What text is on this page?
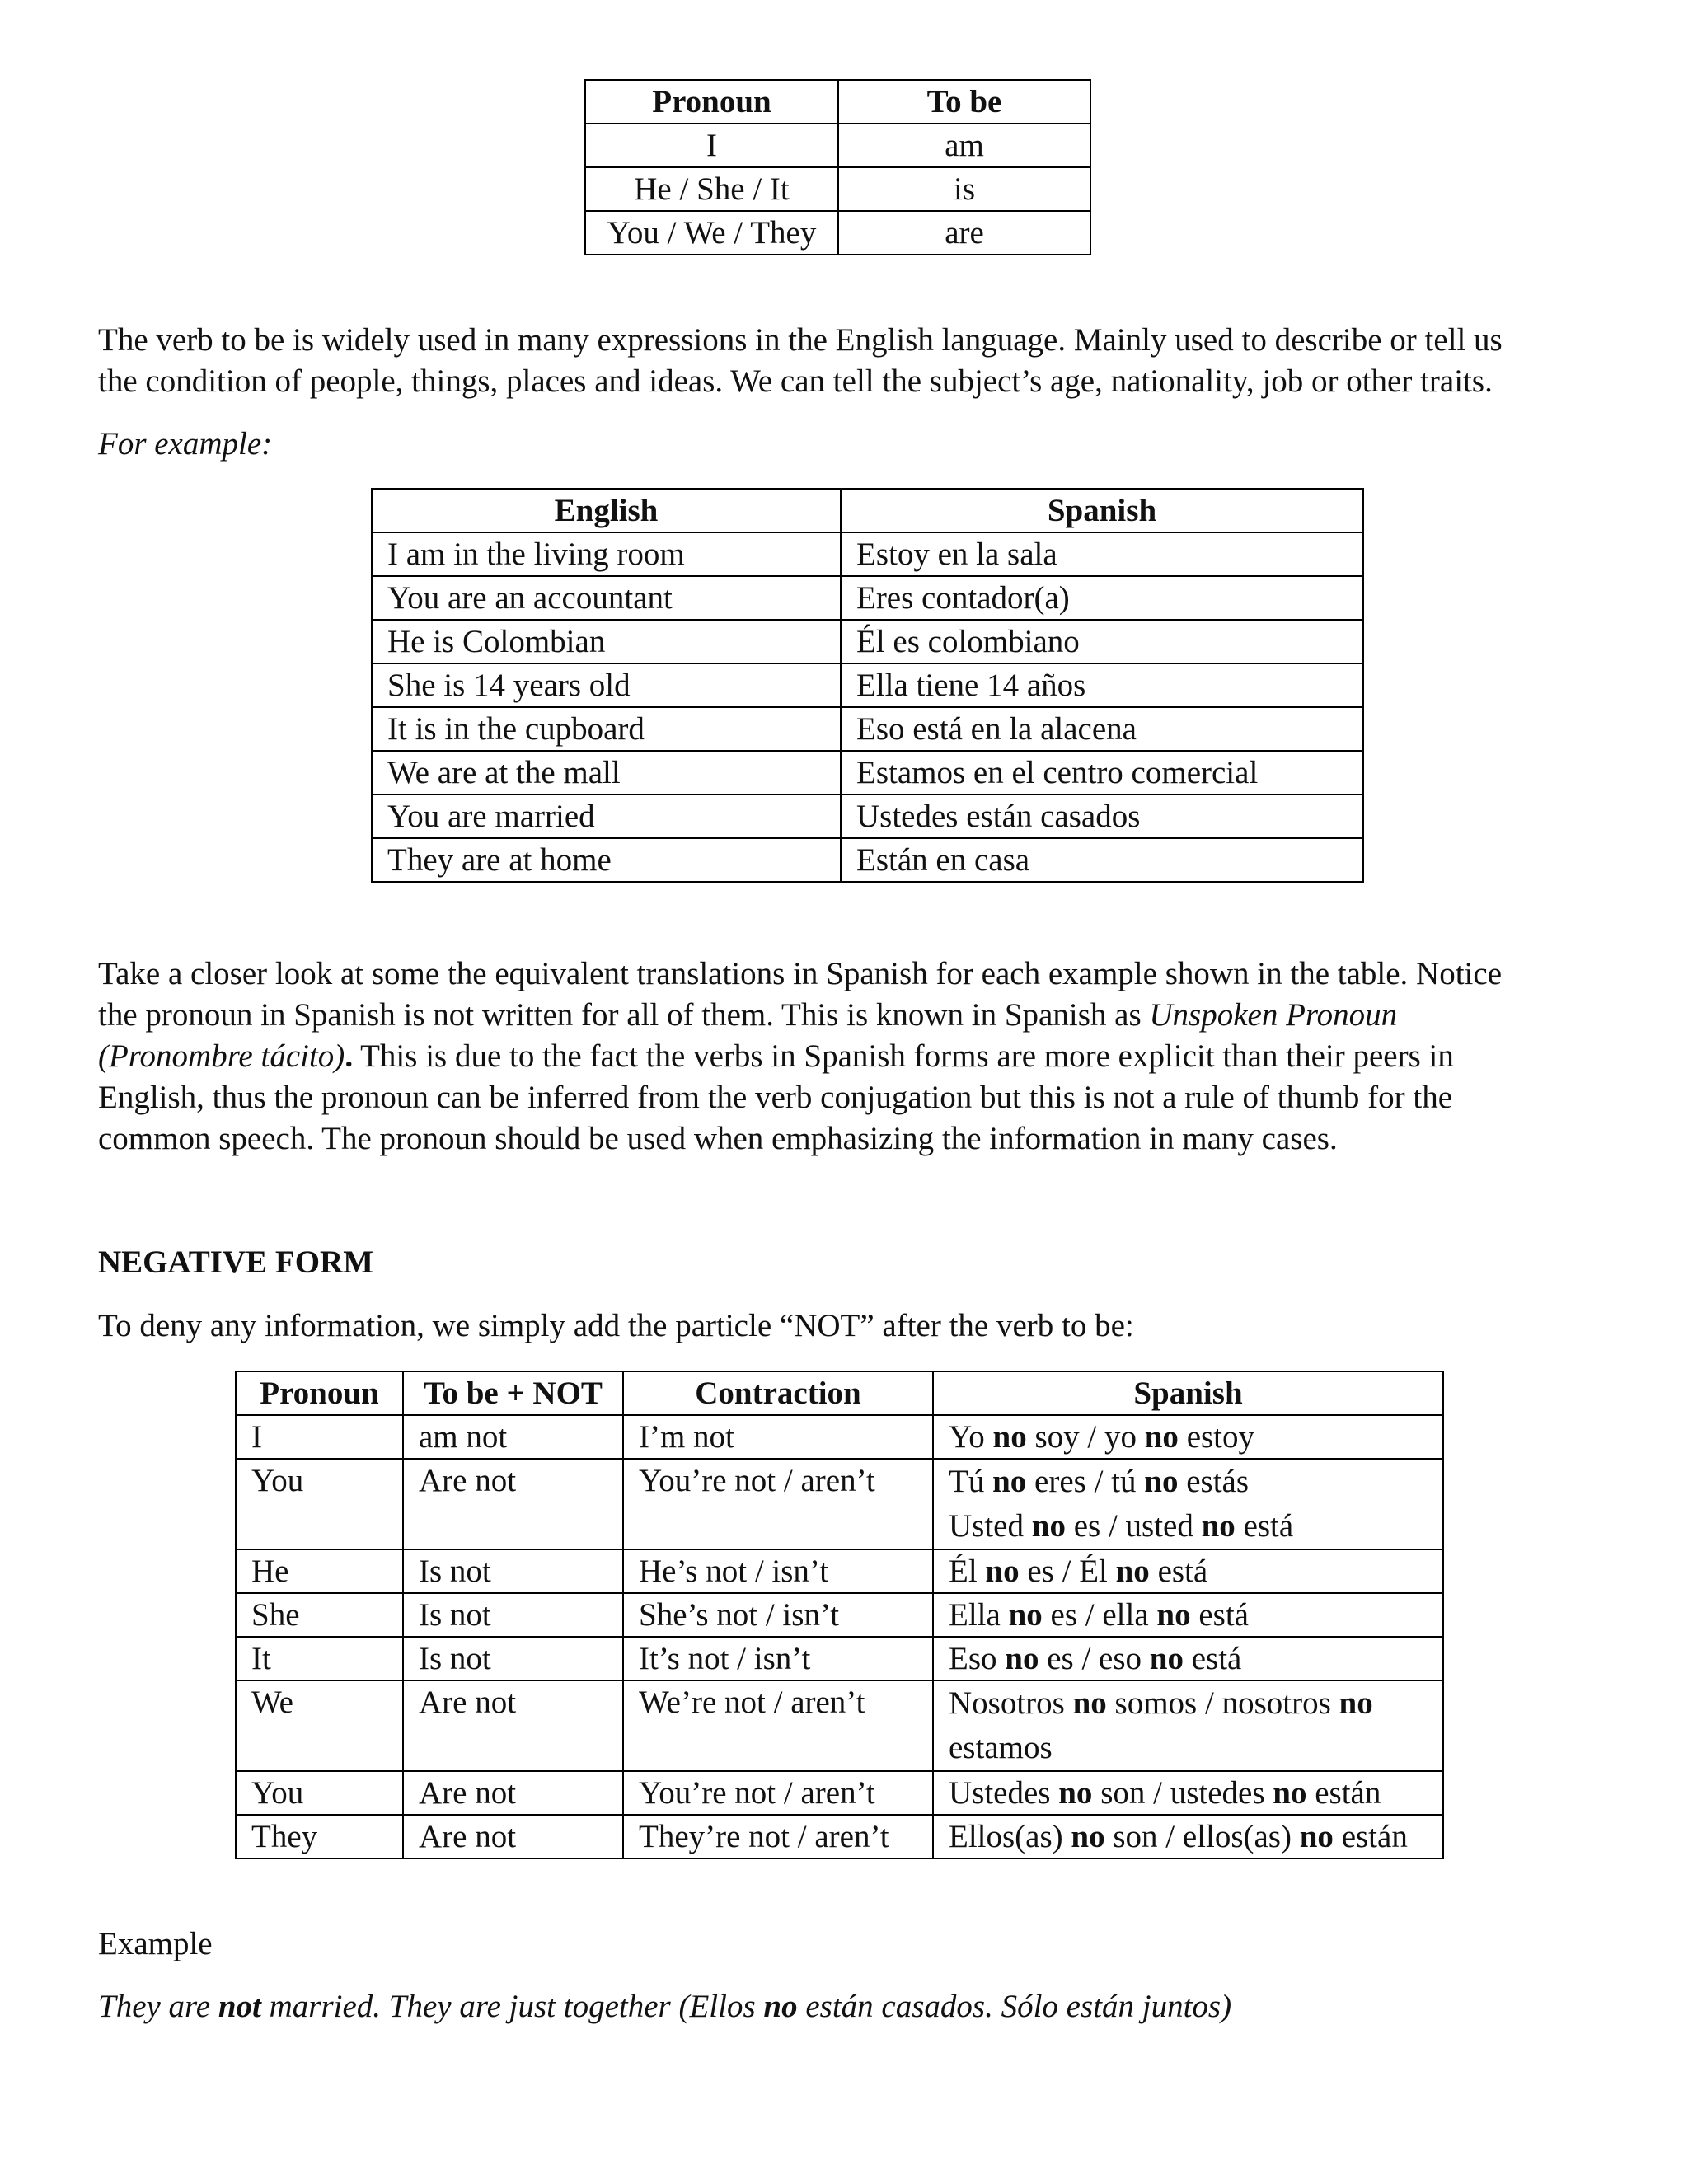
Pronoun	To be
I	am
He / She / It	is
You / We / They	are

The verb to be is widely used in many expressions in the English language. Mainly used to describe or tell us
the condition of people, things, places and ideas. We can tell the subject’s age, nationality, job or other traits.

For example:

English	Spanish
I am in the living room	Estoy en la sala
You are an accountant	Eres contador(a)
He is Colombian	Él es colombiano
She is 14 years old	Ella tiene 14 años
It is in the cupboard	Eso está en la alacena
We are at the mall	Estamos en el centro comercial
You are married	Ustedes están casados
They are at home	Están en casa

Take a closer look at some the equivalent translations in Spanish for each example shown in the table. Notice
the pronoun in Spanish is not written for all of them. This is known in Spanish as Unspoken Pronoun
(Pronombre tácito). This is due to the fact the verbs in Spanish forms are more explicit than their peers in
English, thus the pronoun can be inferred from the verb conjugation but this is not a rule of thumb for the
common speech. The pronoun should be used when emphasizing the information in many cases.

NEGATIVE FORM

To deny any information, we simply add the particle “NOT” after the verb to be:

Pronoun	To be + NOT	Contraction	Spanish
I	am not	I’m not	Yo no soy / yo no estoy
You	Are not	You’re not / aren’t	Tú no eres / tú no estás
Usted no es / usted no está
He	Is not	He’s not / isn’t	Él no es / Él no está
She	Is not	She’s not / isn’t	Ella no es / ella no está
It	Is not	It’s not / isn’t	Eso no es / eso no está
We	Are not	We’re not / aren’t	Nosotros no somos / nosotros no
estamos
You	Are not	You’re not / aren’t	Ustedes no son / ustedes no están
They	Are not	They’re not / aren’t	Ellos(as) no son / ellos(as) no están

Example

They are not married. They are just together (Ellos no están casados. Sólo están juntos)
